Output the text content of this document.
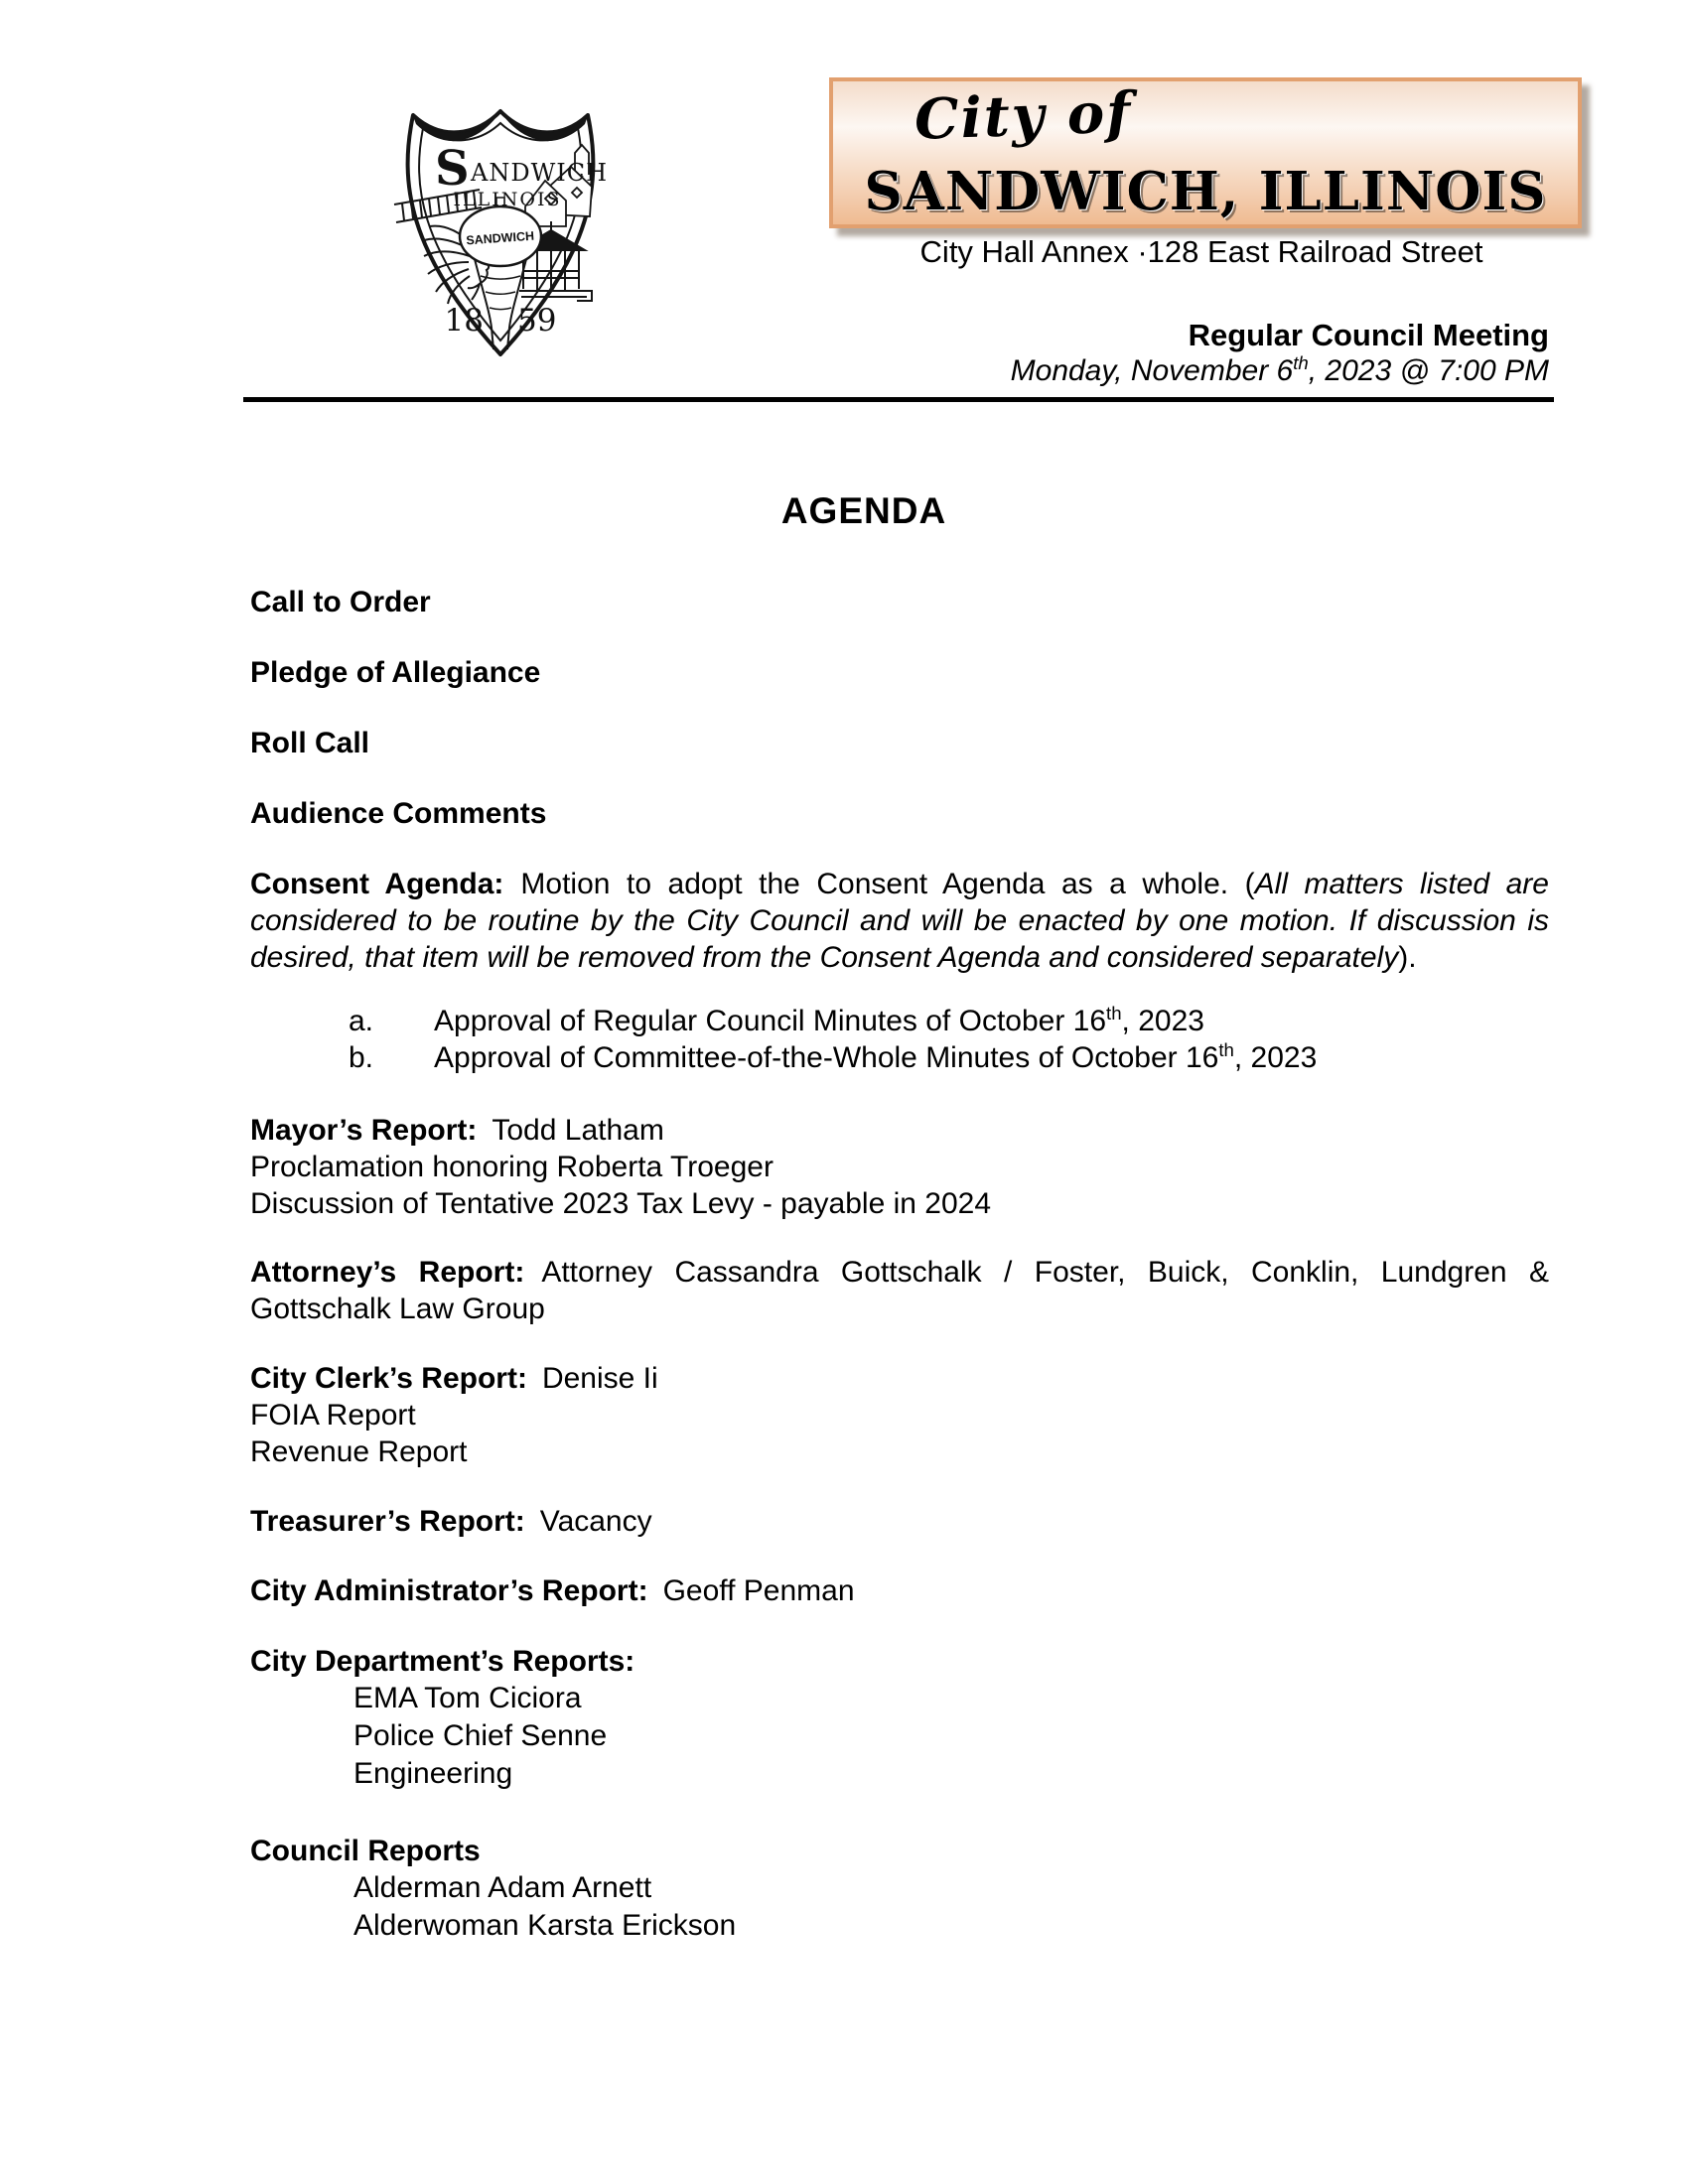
SANDWICH
S ANDWICH
ILLINOIS
18 59
City of
SANDWICH, ILLINOIS
City Hall Annex ·128 East Railroad Street
Regular Council Meeting
Monday, November 6th, 2023 @ 7:00 PM
AGENDA
Call to Order
Pledge of Allegiance
Roll Call
Audience Comments
Consent Agenda: Motion to adopt the Consent Agenda as a whole. (All matters listed are considered to be routine by the City Council and will be enacted by one motion. If discussion is desired, that item will be removed from the Consent Agenda and considered separately).
a.	Approval of Regular Council Minutes of October 16th, 2023
b.	Approval of Committee-of-the-Whole Minutes of October 16th, 2023
Mayor’s Report: Todd Latham
Proclamation honoring Roberta Troeger
Discussion of Tentative 2023 Tax Levy - payable in 2024
Attorney’s Report: Attorney Cassandra Gottschalk / Foster, Buick, Conklin, Lundgren & Gottschalk Law Group
City Clerk’s Report: Denise Ii
FOIA Report
Revenue Report
Treasurer’s Report: Vacancy
City Administrator’s Report: Geoff Penman
City Department’s Reports:
EMA Tom Ciciora
Police Chief Senne
Engineering
Council Reports
Alderman Adam Arnett
Alderwoman Karsta Erickson
